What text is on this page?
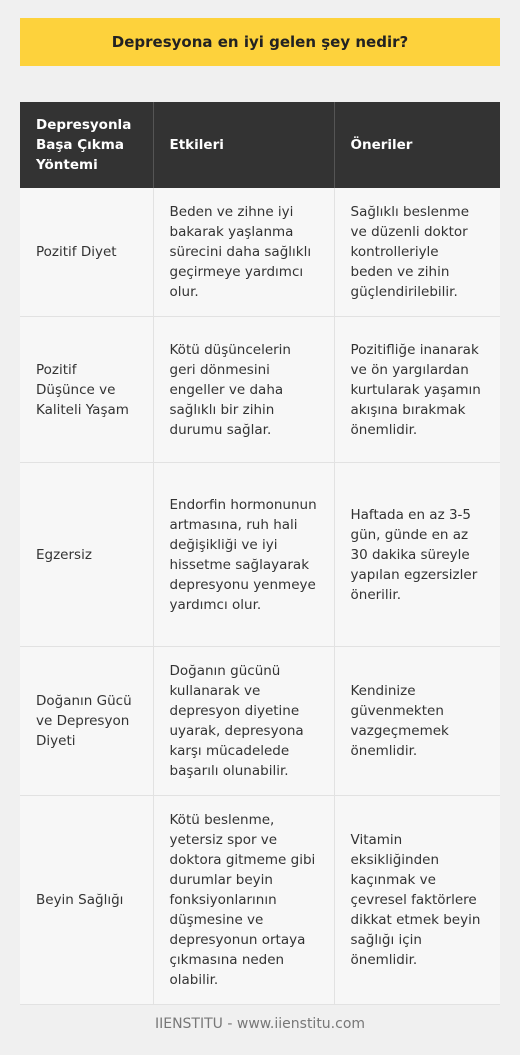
Depresyona en iyi gelen şey nedir?
Depresyonla Başa Çıkma Yöntemi	Etkileri	Öneriler
Pozitif Diyet	Beden ve zihne iyi bakarak yaşlanma sürecini daha sağlıklı geçirmeye yardımcı olur.	Sağlıklı beslenme ve düzenli doktor kontrolleriyle beden ve zihin güçlendirilebilir.
Pozitif Düşünce ve Kaliteli Yaşam	Kötü düşüncelerin geri dönmesini engeller ve daha sağlıklı bir zihin durumu sağlar.	Pozitifliğe inanarak ve ön yargılardan kurtularak yaşamın akışına bırakmak önemlidir.
Egzersiz	Endorfin hormonunun artmasına, ruh hali değişikliği ve iyi hissetme sağlayarak depresyonu yenmeye yardımcı olur.	Haftada en az 3-5 gün, günde en az 30 dakika süreyle yapılan egzersizler önerilir.
Doğanın Gücü ve Depresyon Diyeti	Doğanın gücünü kullanarak ve depresyon diyetine uyarak, depresyona karşı mücadelede başarılı olunabilir.	Kendinize güvenmekten vazgeçmemek önemlidir.
Beyin Sağlığı	Kötü beslenme, yetersiz spor ve doktora gitmeme gibi durumlar beyin fonksiyonlarının düşmesine ve depresyonun ortaya çıkmasına neden olabilir.	Vitamin eksikliğinden kaçınmak ve çevresel faktörlere dikkat etmek beyin sağlığı için önemlidir.
IIENSTITU - www.iienstitu.com
